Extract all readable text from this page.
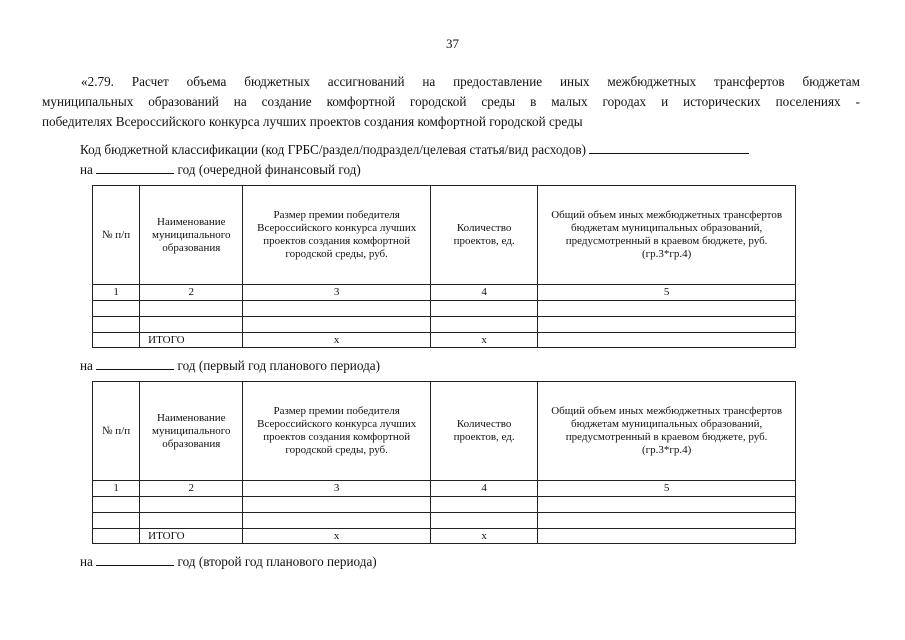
37
«2.79. Расчет объема бюджетных ассигнований на предоставление иных межбюджетных трансфертов бюджетам
муниципальных образований на создание комфортной городской среды в малых городах и исторических поселениях -
победителях Всероссийского конкурса лучших проектов создания комфортной городской среды
Код бюджетной классификации (код ГРБС/раздел/подраздел/целевая статья/вид расходов)
на	год (очередной финансовый год)
№ п/п	Наименование муниципального образования	Размер премии победителя Всероссийского конкурса лучших проектов создания комфортной городской среды, руб.	Количество проектов, ед.	Общий объем иных межбюджетных трансфертов бюджетам муниципальных образований, предусмотренный в краевом бюджете, руб. (гр.3*гр.4)
1	2	3	4	5

	ИТОГО	x	x	
на	год (первый год планового периода)
№ п/п	Наименование муниципального образования	Размер премии победителя Всероссийского конкурса лучших проектов создания комфортной городской среды, руб.	Количество проектов, ед.	Общий объем иных межбюджетных трансфертов бюджетам муниципальных образований, предусмотренный в краевом бюджете, руб. (гр.3*гр.4)
1	2	3	4	5

	ИТОГО	x	x	
на	год (второй год планового периода)
